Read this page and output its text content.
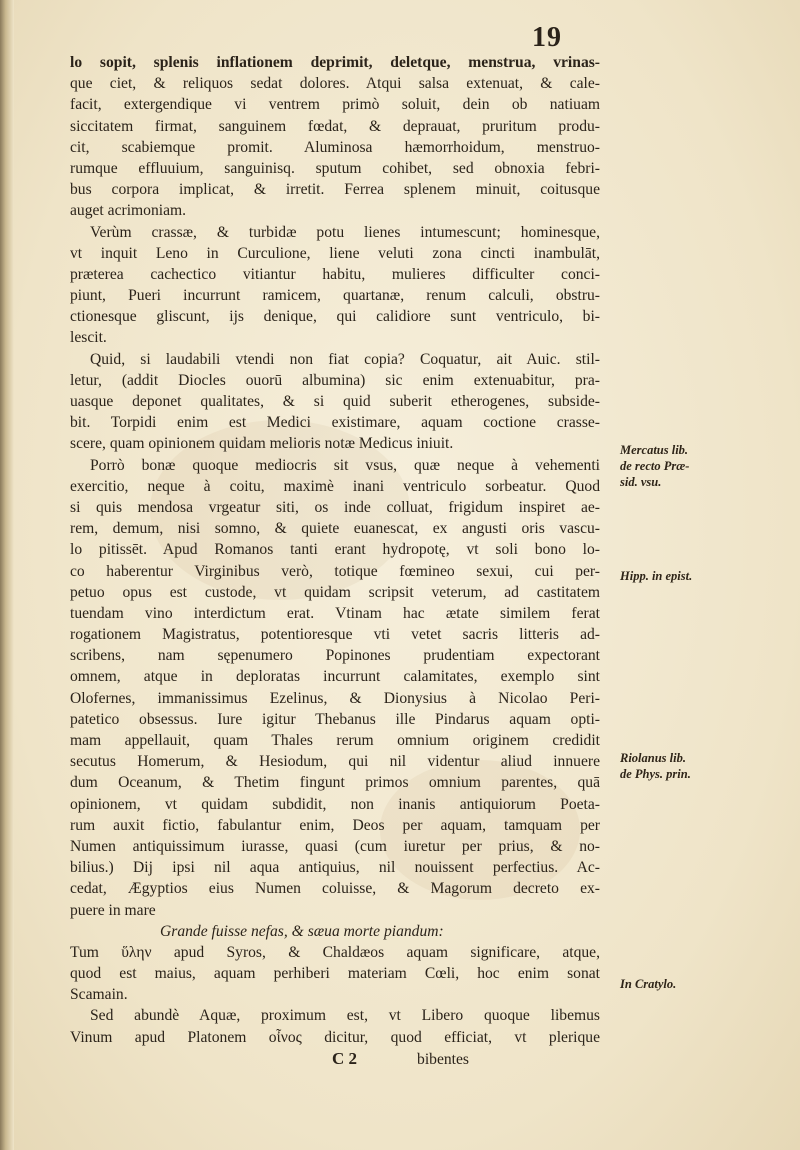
19
lo sopit, splenis inflationem deprimit, deletque, menstrua, vrinas-
que ciet, & reliquos sedat dolores. Atqui salsa extenuat, & cale-
facit, extergendique vi ventrem primò soluit, dein ob natiuam
siccitatem firmat, sanguinem fœdat, & deprauat, pruritum produ-
cit, scabiemque promit. Aluminosa hæmorrhoidum, menstruo-
rumque effluuium, sanguinisq. sputum cohibet, sed obnoxia febri-
bus corpora implicat, & irretit. Ferrea splenem minuit, coitusque
auget acrimoniam.
Verùm crassæ, & turbidæ potu lienes intumescunt; hominesque,
vt inquit Leno in Curculione, liene veluti zona cincti inambulāt,
præterea cachectico vitiantur habitu, mulieres difficulter conci-
piunt, Pueri incurrunt ramicem, quartanæ, renum calculi, obstru-
ctionesque gliscunt, ijs denique, qui calidiore sunt ventriculo, bi-
lescit.
Quid, si laudabili vtendi non fiat copia? Coquatur, ait Auic. stil-
letur, (addit Diocles ouorū albumina) sic enim extenuabitur, pra-
uasque deponet qualitates, & si quid suberit etherogenes, subside-
bit. Torpidi enim est Medici existimare, aquam coctione crasse-
scere, quam opinionem quidam melioris notæ Medicus iniuit.
Porrò bonæ quoque mediocris sit vsus, quæ neque à vehementi
exercitio, neque à coitu, maximè inani ventriculo sorbeatur. Quod
si quis mendosa vrgeatur siti, os inde colluat, frigidum inspiret ae-
rem, demum, nisi somno, & quiete euanescat, ex angusti oris vascu-
lo pitissēt. Apud Romanos tanti erant hydropotę, vt soli bono lo-
co haberentur Virginibus verò, totique fœmineo sexui, cui per-
petuo opus est custode, vt quidam scripsit veterum, ad castitatem
tuendam vino interdictum erat. Vtinam hac ætate similem ferat
rogationem Magistratus, potentioresque vti vetet sacris litteris ad-
scribens, nam sępenumero Popinones prudentiam expectorant
omnem, atque in deploratas incurrunt calamitates, exemplo sint
Olofernes, immanissimus Ezelinus, & Dionysius à Nicolao Peri-
patetico obsessus. Iure igitur Thebanus ille Pindarus aquam opti-
mam appellauit, quam Thales rerum omnium originem credidit
secutus Homerum, & Hesiodum, qui nil videntur aliud innuere
dum Oceanum, & Thetim fingunt primos omnium parentes, quā
opinionem, vt quidam subdidit, non inanis antiquiorum Poeta-
rum auxit fictio, fabulantur enim, Deos per aquam, tamquam per
Numen antiquissimum iurasse, quasi (cum iuretur per prius, & no-
bilius.) Dij ipsi nil aqua antiquius, nil nouissent perfectius. Ac-
cedat, Ægyptios eius Numen coluisse, & Magorum decreto ex-
puere in mare
Grande fuisse nefas, & sæua morte piandum:
Tum ὕλην apud Syros, & Chaldæos aquam significare, atque,
quod est maius, aquam perhiberi materiam Cœli, hoc enim sonat
Scamain.
Sed abundè Aquæ, proximum est, vt Libero quoque libemus
Vinum apud Platonem οἶνος dicitur, quod efficiat, vt plerique
C 2	bibentes
Mercatus lib.
de recto Præ-
sid. vsu.
Hipp. in epist.
Riolanus lib.
de Phys. prin.
In Cratylo.
